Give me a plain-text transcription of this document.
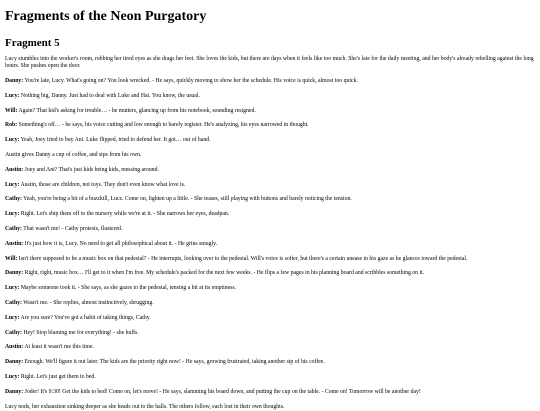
Fragments of the Neon Purgatory
Fragment 5

Lucy stumbles into the worker's room, rubbing her tired eyes as she drags her feet. She loves the kids, but there are days when it feels like too much. She's late for the daily meeting, and her body's already rebelling against the long hours. She pushes open the door.

Danny: You're late, Lucy. What's going on? You look wrecked. - He says, quickly moving to show her the schedule. His voice is quick, almost too quick.

Lucy: Nothing big, Danny. Just had to deal with Luke and Hai. You know, the usual.

Will: Again? That kid's asking for trouble… - he mutters, glancing up from his notebook, sounding resigned.

Rob: Something's off… - he says, his voice cutting and low enough to barely register. He's analyzing, his eyes narrowed in thought.

Lucy: Yeah, Joey tried to buy Ani. Luke flipped, tried to defend her. It got… out of hand.

Austin gives Danny a cup of coffee, and sips from his own.

Austin: Joey and Ani? That's just kids being kids, messing around.

Lucy: Austin, those are children, not toys. They don't even know what love is.

Cathy: Yeah, you're being a bit of a buzzkill, Lucz. Come on, lighten up a little. - She teases, still playing with buttons and barely noticing the tension.

Lucy: Right. Let's ship them off to the nursery while we're at it. - She narrows her eyes, deadpan.

Cathy: That wasn't me! - Cathy protests, flustered.

Austin: It's just how it is, Lucy. No need to get all philosophical about it. - He grins smugly.

Will: Isn't there supposed to be a music box on that pedestal? - He interrupts, looking over to the pedestal. Will's voice is softer, but there's a certain unease in his gaze as he glances toward the pedestal.

Danny: Right, right, music box… I'll get to it when I'm free. My schedule's packed for the next few weeks. - He flips a few pages in his planning board and scribbles something on it.

Lucy: Maybe someone took it. - She says, as she gazes to the pedestal, tensing a bit at its emptiness.

Cathy: Wasn't me. - She replies, almost instinctively, shrugging.

Lucy: Are you sure? You've got a habit of taking things, Cathy.

Cathy: Hey! Stop blaming me for everything! - she huffs.

Austin: At least it wasn't me this time.

Danny: Enough. We'll figure it out later. The kids are the priority right now! - He says, growing frustrated, taking another sip of his coffee.

Lucy: Right. Let's just get them to bed.

Danny: Joder! It's 9:30! Get the kids to bed! Come on, let's move! - He says, slamming his board down, and putting the cup on the table. - Come on! Tomorrow will be another day!

Lucy nods, her exhaustion sinking deeper as she heads out to the halls. The others follow, each lost in their own thoughts.
